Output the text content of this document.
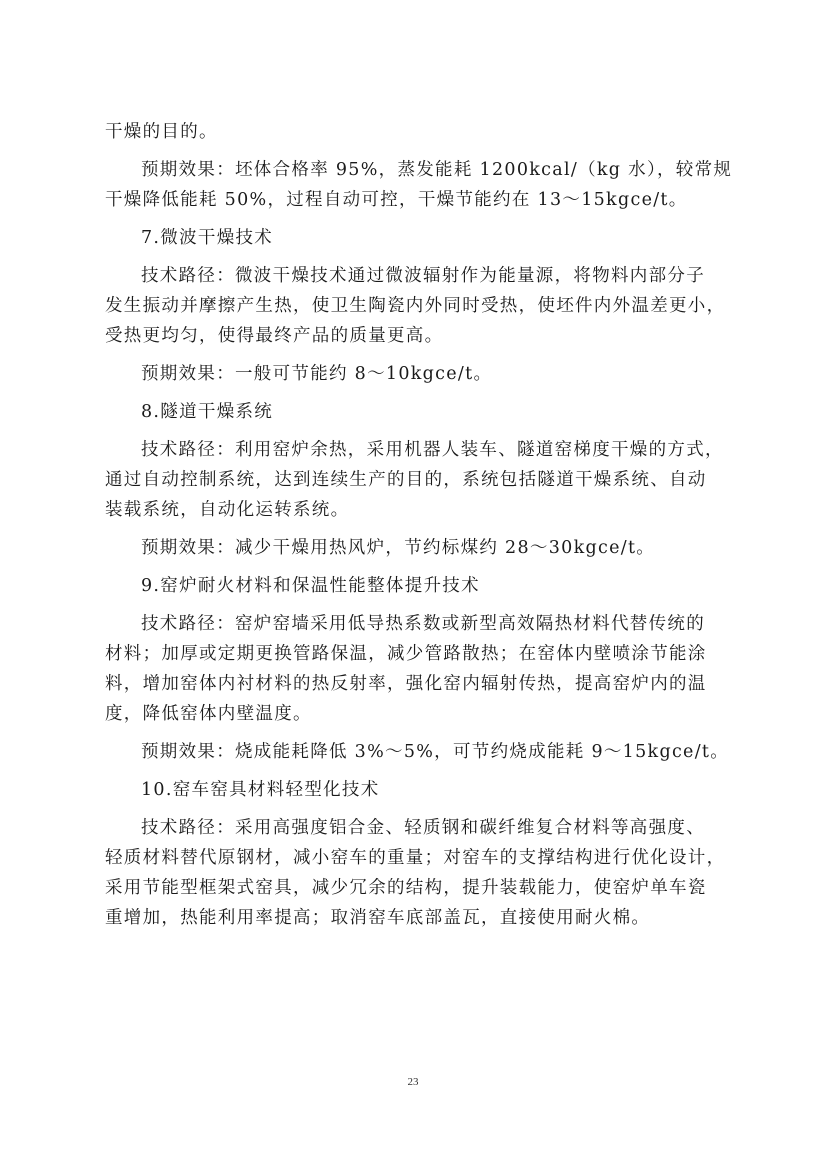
干燥的目的。

预期效果：坯体合格率 95%，蒸发能耗 1200kcal/（kg 水），较常规
干燥降低能耗 50%，过程自动可控，干燥节能约在 13～15kgce/t。

7.微波干燥技术

技术路径：微波干燥技术通过微波辐射作为能量源，将物料内部分子
发生振动并摩擦产生热，使卫生陶瓷内外同时受热，使坯件内外温差更小，
受热更均匀，使得最终产品的质量更高。

预期效果：一般可节能约 8～10kgce/t。

8.隧道干燥系统

技术路径：利用窑炉余热，采用机器人装车、隧道窑梯度干燥的方式，
通过自动控制系统，达到连续生产的目的，系统包括隧道干燥系统、自动
装载系统，自动化运转系统。

预期效果：减少干燥用热风炉，节约标煤约 28～30kgce/t。

9.窑炉耐火材料和保温性能整体提升技术

技术路径：窑炉窑墙采用低导热系数或新型高效隔热材料代替传统的
材料；加厚或定期更换管路保温，减少管路散热；在窑体内壁喷涂节能涂
料，增加窑体内衬材料的热反射率，强化窑内辐射传热，提高窑炉内的温
度，降低窑体内壁温度。

预期效果：烧成能耗降低 3%～5%，可节约烧成能耗 9～15kgce/t。

10.窑车窑具材料轻型化技术

技术路径：采用高强度铝合金、轻质钢和碳纤维复合材料等高强度、
轻质材料替代原钢材，减小窑车的重量；对窑车的支撑结构进行优化设计，
采用节能型框架式窑具，减少冗余的结构，提升装载能力，使窑炉单车瓷
重增加，热能利用率提高；取消窑车底部盖瓦，直接使用耐火棉。

23
